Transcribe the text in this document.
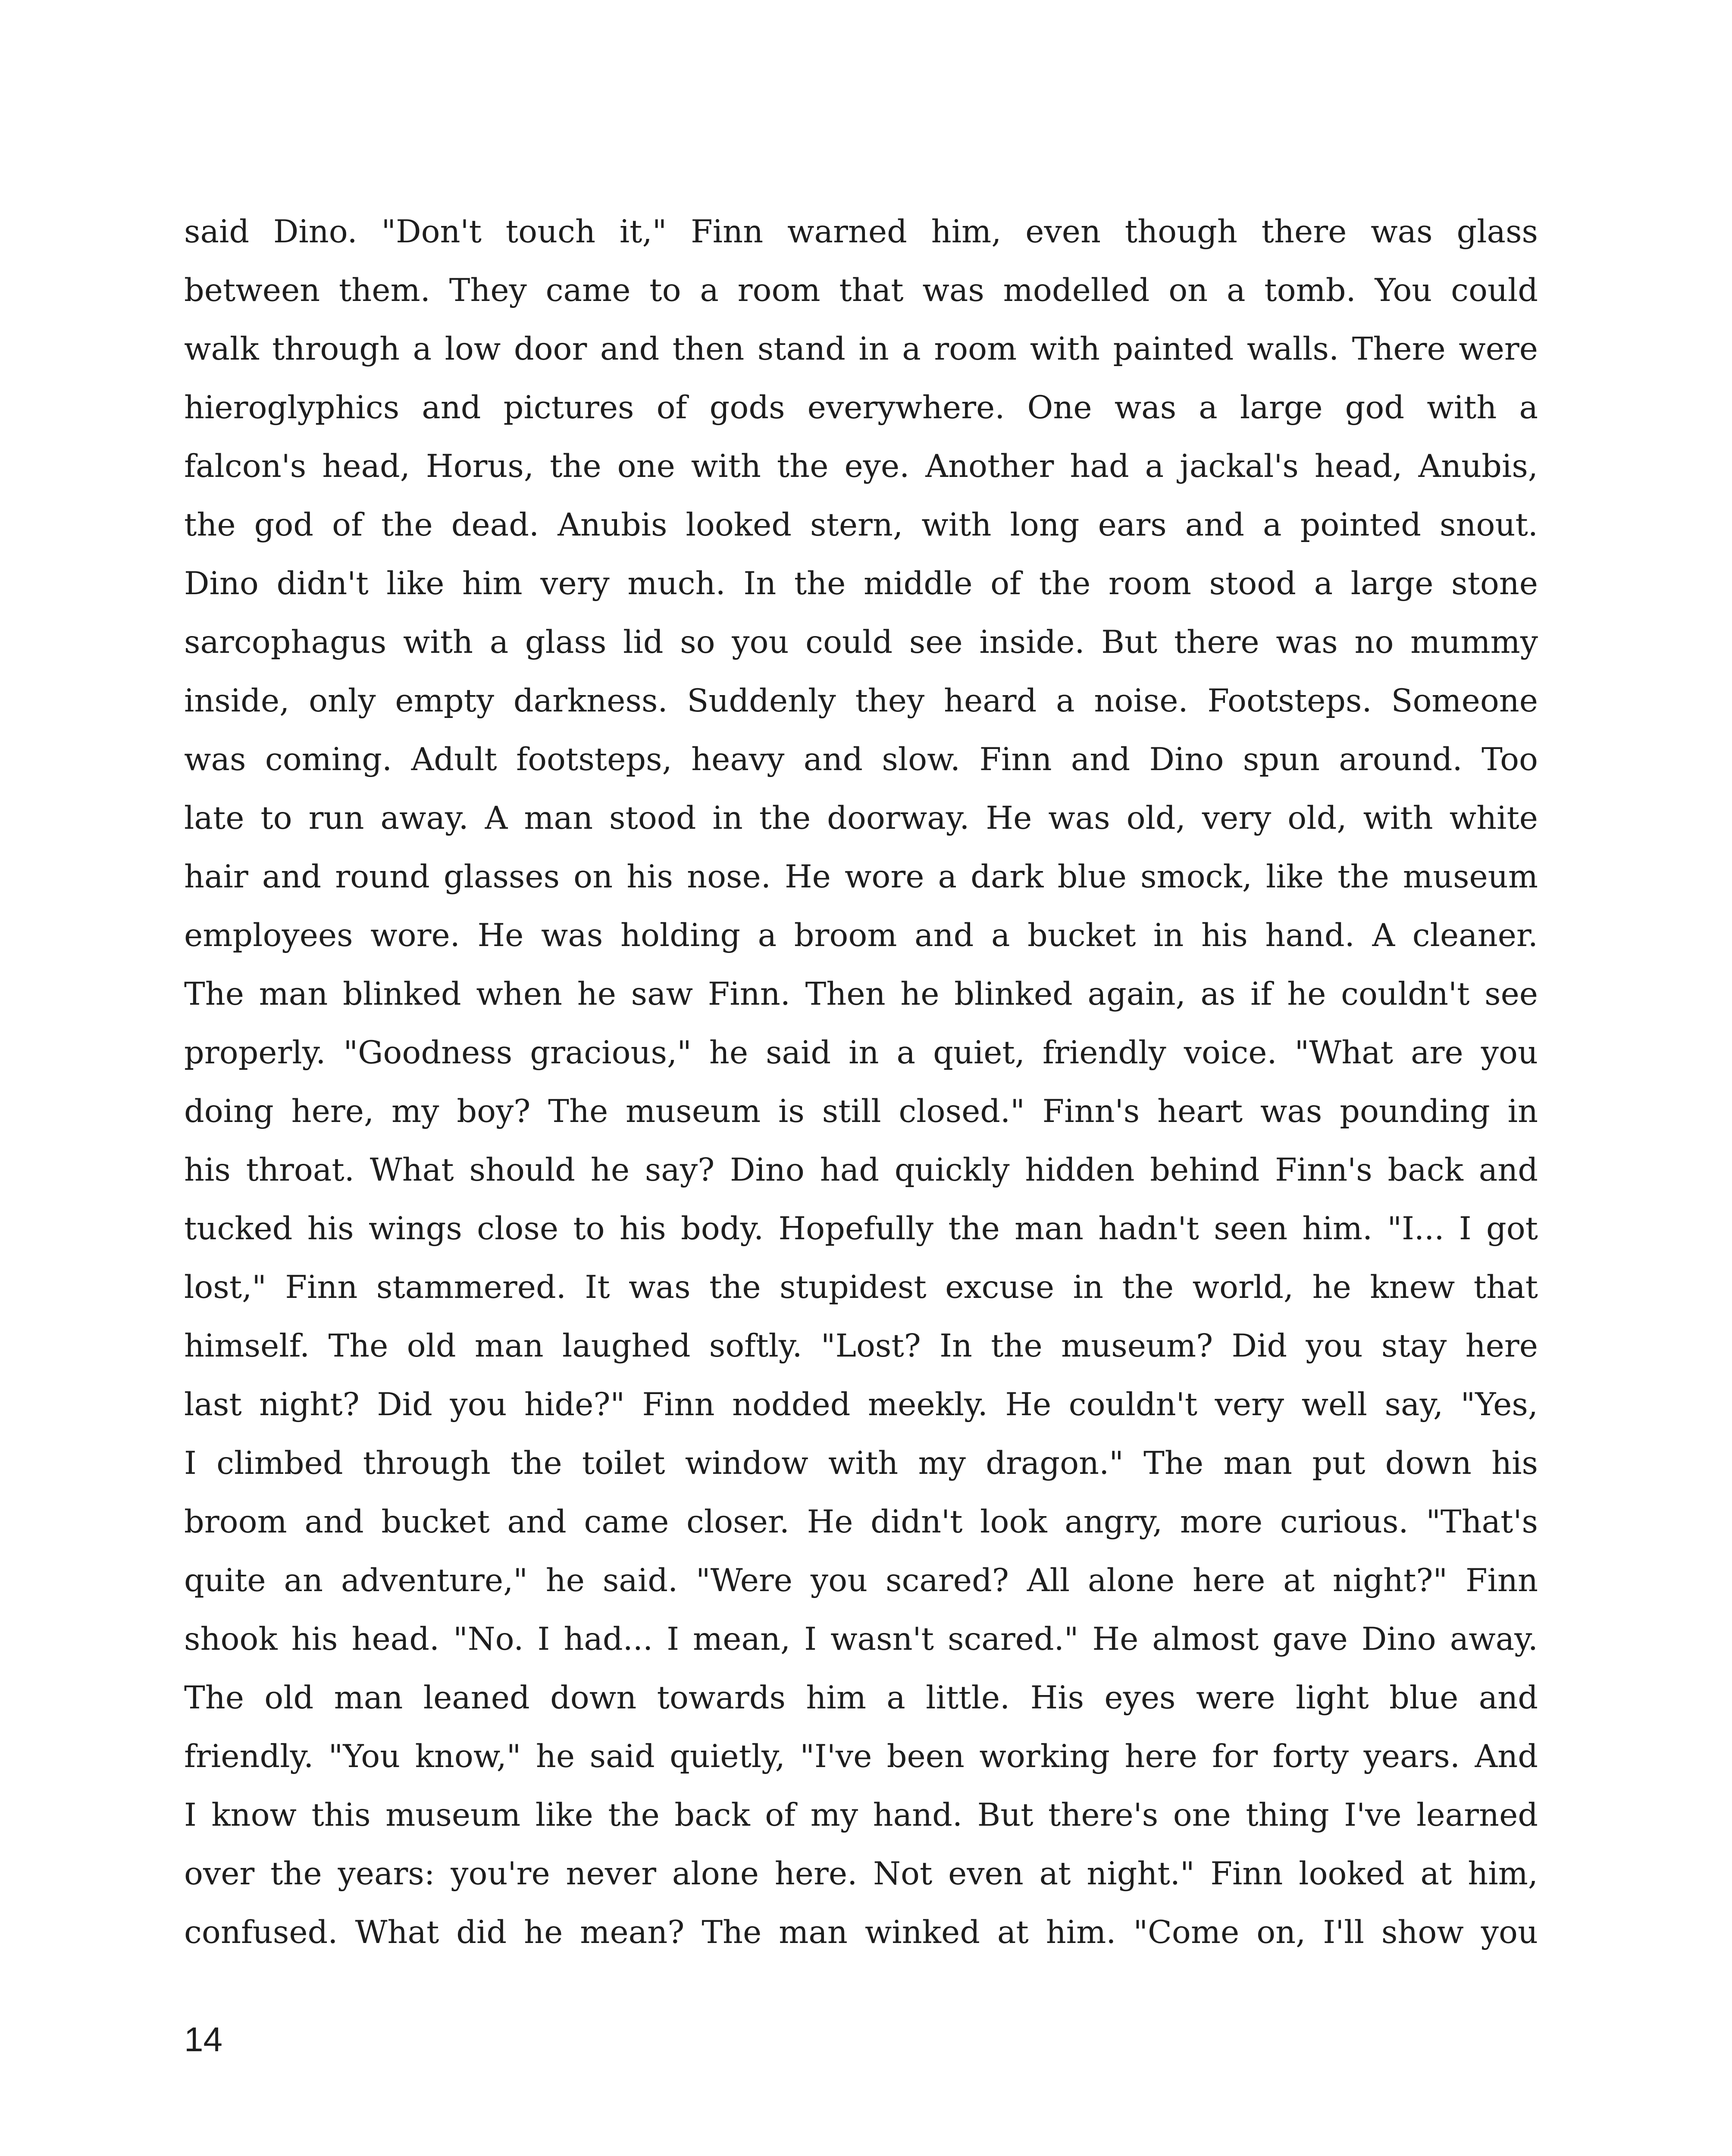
said Dino. "Don't touch it," Finn warned him, even though there was glass
between them. They came to a room that was modelled on a tomb. You could
walk through a low door and then stand in a room with painted walls. There were
hieroglyphics and pictures of gods everywhere. One was a large god with a
falcon's head, Horus, the one with the eye. Another had a jackal's head, Anubis,
the god of the dead. Anubis looked stern, with long ears and a pointed snout.
Dino didn't like him very much. In the middle of the room stood a large stone
sarcophagus with a glass lid so you could see inside. But there was no mummy
inside, only empty darkness. Suddenly they heard a noise. Footsteps. Someone
was coming. Adult footsteps, heavy and slow. Finn and Dino spun around. Too
late to run away. A man stood in the doorway. He was old, very old, with white
hair and round glasses on his nose. He wore a dark blue smock, like the museum
employees wore. He was holding a broom and a bucket in his hand. A cleaner.
The man blinked when he saw Finn. Then he blinked again, as if he couldn't see
properly. "Goodness gracious," he said in a quiet, friendly voice. "What are you
doing here, my boy? The museum is still closed." Finn's heart was pounding in
his throat. What should he say? Dino had quickly hidden behind Finn's back and
tucked his wings close to his body. Hopefully the man hadn't seen him. "I... I got
lost," Finn stammered. It was the stupidest excuse in the world, he knew that
himself. The old man laughed softly. "Lost? In the museum? Did you stay here
last night? Did you hide?" Finn nodded meekly. He couldn't very well say, "Yes,
I climbed through the toilet window with my dragon." The man put down his
broom and bucket and came closer. He didn't look angry, more curious. "That's
quite an adventure," he said. "Were you scared? All alone here at night?" Finn
shook his head. "No. I had... I mean, I wasn't scared." He almost gave Dino away.
The old man leaned down towards him a little. His eyes were light blue and
friendly. "You know," he said quietly, "I've been working here for forty years. And
I know this museum like the back of my hand. But there's one thing I've learned
over the years: you're never alone here. Not even at night." Finn looked at him,
confused. What did he mean? The man winked at him. "Come on, I'll show you
14
